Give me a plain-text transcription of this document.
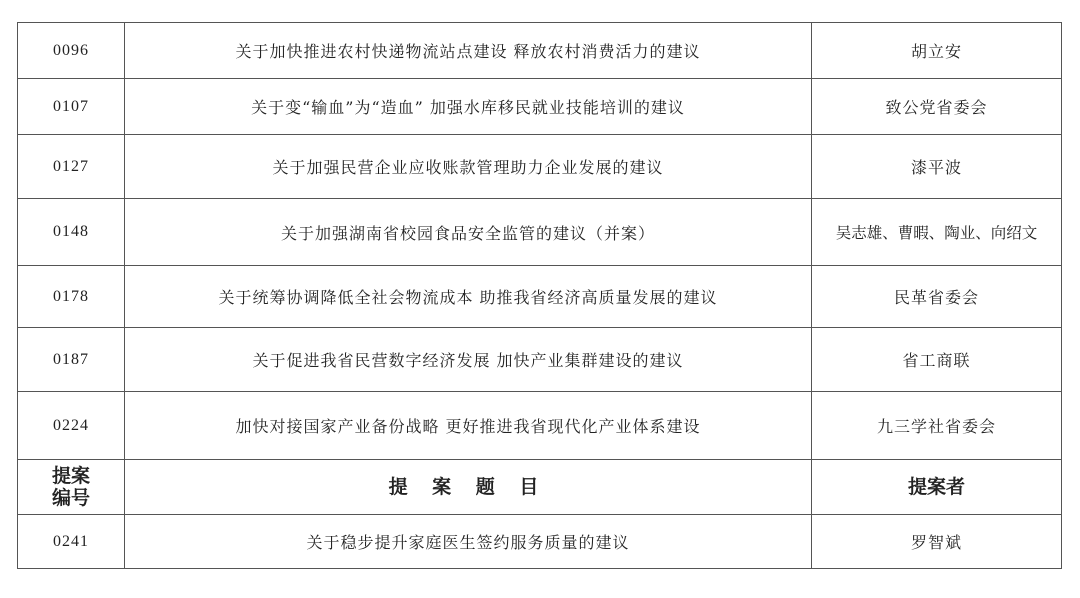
0096	关于加快推进农村快递物流站点建设 释放农村消费活力的建议	胡立安
0107	关于变“输血”为“造血” 加强水库移民就业技能培训的建议	致公党省委会
0127	关于加强民营企业应收账款管理助力企业发展的建议	漆平波
0148	关于加强湖南省校园食品安全监管的建议（并案）	吴志雄、曹暇、陶业、向绍文
0178	关于统筹协调降低全社会物流成本 助推我省经济高质量发展的建议	民革省委会
0187	关于促进我省民营数字经济发展 加快产业集群建设的建议	省工商联
0224	加快对接国家产业备份战略 更好推进我省现代化产业体系建设	九三学社省委会

提案
编号	提 案 题 目	提案者
0241	关于稳步提升家庭医生签约服务质量的建议	罗智斌
